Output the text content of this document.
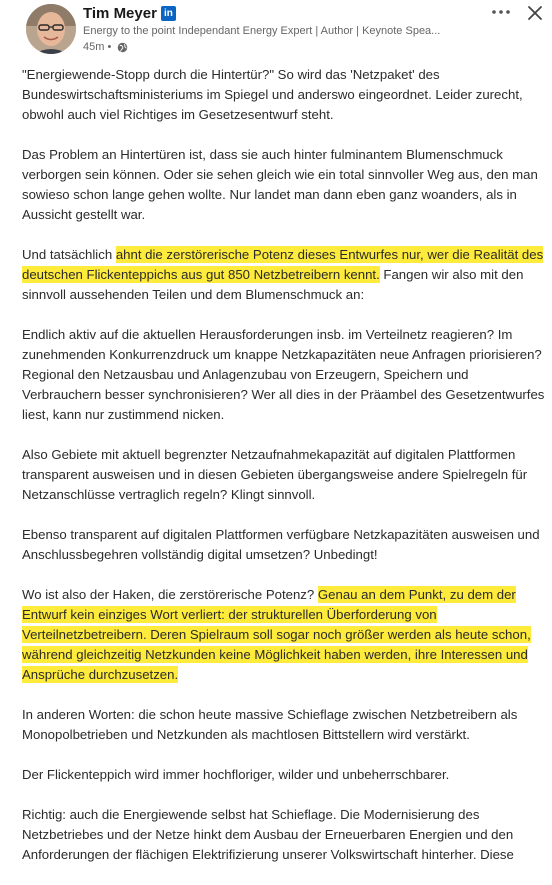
Tim Meyer in
Energy to the point Independant Energy Expert | Author | Keynote Spea...
45m •

"Energiewende-Stopp durch die Hintertür?" So wird das 'Netzpaket' des Bundeswirtschaftsministeriums im Spiegel und anderswo eingeordnet. Leider zurecht, obwohl auch viel Richtiges im Gesetzesentwurf steht.

Das Problem an Hintertüren ist, dass sie auch hinter fulminantem Blumenschmuck verborgen sein können. Oder sie sehen gleich wie ein total sinnvoller Weg aus, den man sowieso schon lange gehen wollte. Nur landet man dann eben ganz woanders, als in Aussicht gestellt war.

Und tatsächlich ahnt die zerstörerische Potenz dieses Entwurfes nur, wer die Realität des deutschen Flickenteppichs aus gut 850 Netzbetreibern kennt. Fangen wir also mit den sinnvoll aussehenden Teilen und dem Blumenschmuck an:

Endlich aktiv auf die aktuellen Herausforderungen insb. im Verteilnetz reagieren? Im zunehmenden Konkurrenzdruck um knappe Netzkapazitäten neue Anfragen priorisieren? Regional den Netzausbau und Anlagenzubau von Erzeugern, Speichern und Verbrauchern besser synchronisieren? Wer all dies in der Präambel des Gesetzentwurfes liest, kann nur zustimmend nicken.

Also Gebiete mit aktuell begrenzter Netzaufnahmekapazität auf digitalen Plattformen transparent ausweisen und in diesen Gebieten übergangsweise andere Spielregeln für Netzanschlüsse vertraglich regeln? Klingt sinnvoll.

Ebenso transparent auf digitalen Plattformen verfügbare Netzkapazitäten ausweisen und Anschlussbegehren vollständig digital umsetzen? Unbedingt!

Wo ist also der Haken, die zerstörerische Potenz? Genau an dem Punkt, zu dem der Entwurf kein einziges Wort verliert: der strukturellen Überforderung von Verteilnetzbetreibern. Deren Spielraum soll sogar noch größer werden als heute schon, während gleichzeitig Netzkunden keine Möglichkeit haben werden, ihre Interessen und Ansprüche durchzusetzen.

In anderen Worten: die schon heute massive Schieflage zwischen Netzbetreibern als Monopolbetrieben und Netzkunden als machtlosen Bittstellern wird verstärkt.

Der Flickenteppich wird immer hochfloriger, wilder und unbeherrschbarer.

Richtig: auch die Energiewende selbst hat Schieflage. Die Modernisierung des Netzbetriebes und der Netze hinkt dem Ausbau der Erneuerbaren Energien und den Anforderungen der flächigen Elektrifizierung unserer Volkswirtschaft hinterher. Diese
